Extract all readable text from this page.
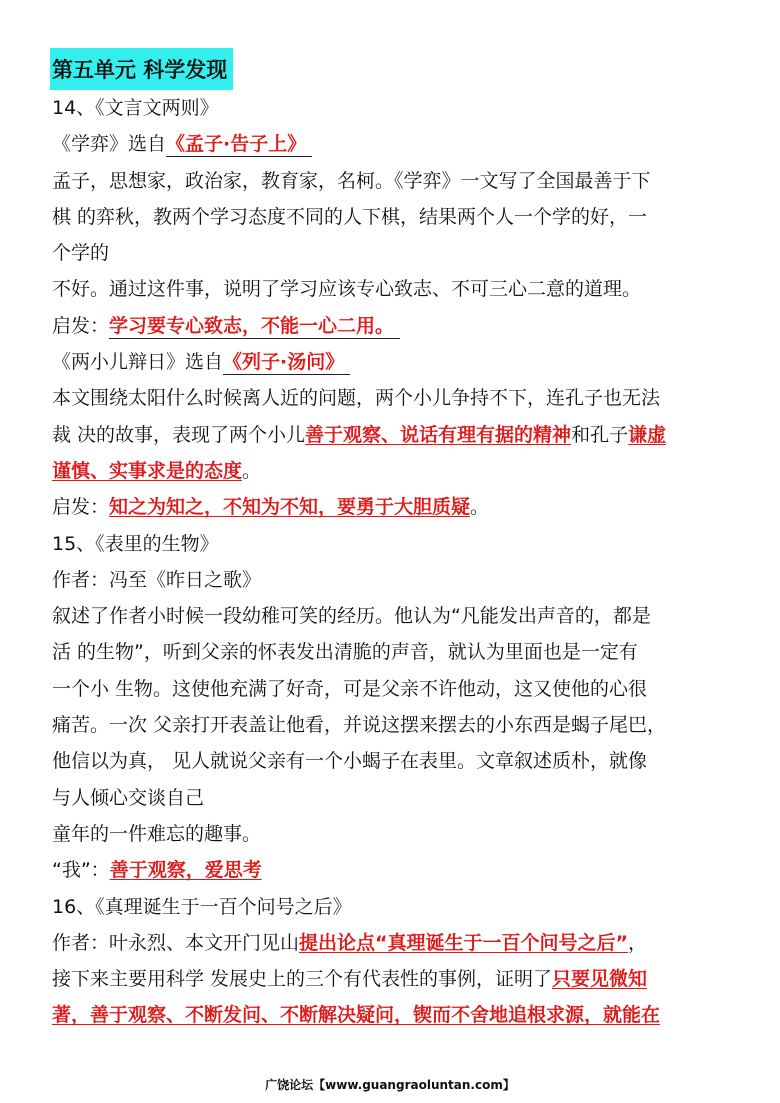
第五单元 科学发现
14、《文言文两则》
《学弈》选自《孟子·告子上》
孟子，思想家，政治家，教育家，名柯。《学弈》一文写了全国最善于下
棋 的弈秋，教两个学习态度不同的人下棋，结果两个人一个学的好，一
个学的
不好。通过这件事，说明了学习应该专心致志、不可三心二意的道理。
启发：学习要专心致志，不能一心二用。
《两小儿辩日》选自《列子·汤问》
本文围绕太阳什么时候离人近的问题，两个小儿争持不下，连孔子也无法
裁 决的故事，表现了两个小儿善于观察、说话有理有据的精神和孔子谦虚
谨慎、实事求是的态度。
启发：知之为知之，不知为不知，要勇于大胆质疑。
15、《表里的生物》
作者：冯至《昨日之歌》
叙述了作者小时候一段幼稚可笑的经历。他认为“凡能发出声音的，都是
活 的生物”，听到父亲的怀表发出清脆的声音，就认为里面也是一定有
一个小 生物。这使他充满了好奇，可是父亲不许他动，这又使他的心很
痛苦。一次 父亲打开表盖让他看，并说这摆来摆去的小东西是蝎子尾巴，
他信以为真， 见人就说父亲有一个小蝎子在表里。文章叙述质朴，就像
与人倾心交谈自己
童年的一件难忘的趣事。
“我”：善于观察，爱思考
16、《真理诞生于一百个问号之后》
作者：叶永烈、本文开门见山提出论点“真理诞生于一百个问号之后”，
接下来主要用科学 发展史上的三个有代表性的事例，证明了只要见微知
著，善于观察、不断发问、不断解决疑问，锲而不舍地追根求源，就能在
广饶论坛【www.guangraoluntan.com】
